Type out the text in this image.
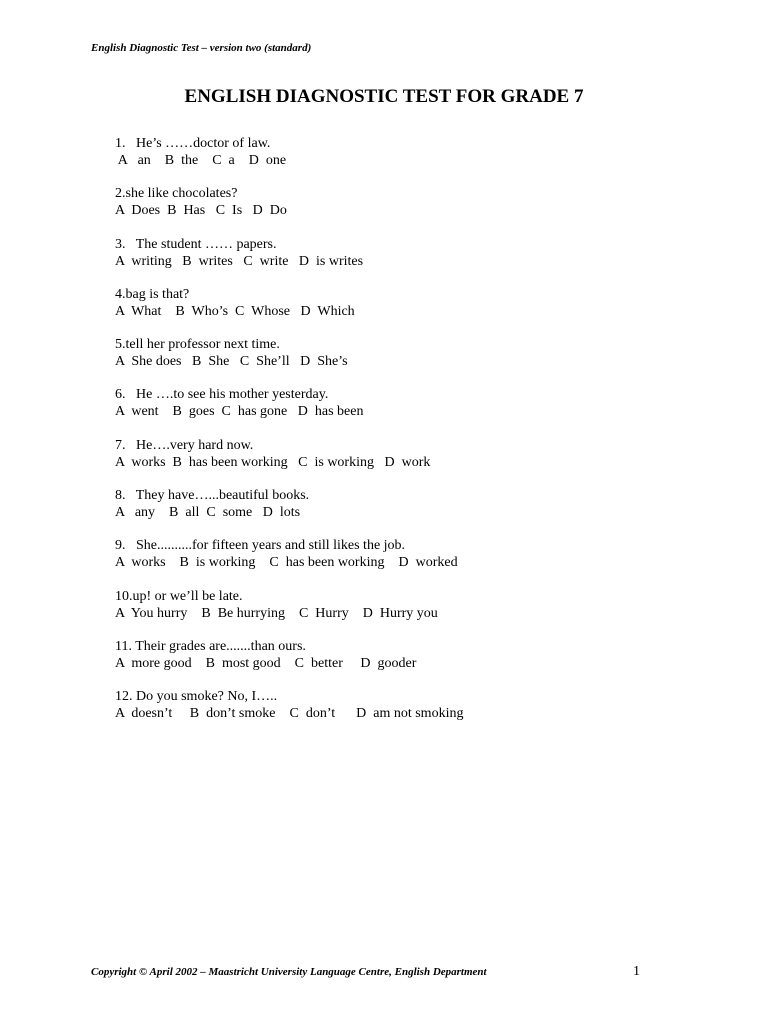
English Diagnostic Test – version two (standard)
ENGLISH DIAGNOSTIC TEST FOR GRADE 7
1.   He’s ……doctor of law.
A   an    B  the    C  a    D  one
2.she like chocolates?
A  Does  B  Has   C  Is   D  Do
3.   The student …… papers.
A  writing   B  writes   C  write   D  is writes
4.bag is that?
A  What    B  Who’s  C  Whose   D  Which
5.tell her professor next time.
A  She does   B  She   C  She’ll   D  She’s
6.   He ….to see his mother yesterday.
A  went    B  goes  C  has gone   D  has been
7.   He….very hard now.
A  works  B  has been working   C  is working   D  work
8.   They have…...beautiful books.
A   any    B  all  C  some   D  lots
9.   She..........for fifteen years and still likes the job.
A  works    B  is working    C  has been working    D  worked
10.up! or we’ll be late.
A  You hurry    B  Be hurrying    C  Hurry    D  Hurry you
11. Their grades are.......than ours.
A  more good    B  most good    C  better     D  gooder
12. Do you smoke? No, I…..
A  doesn’t     B  don’t smoke    C  don’t      D  am not smoking
Copyright © April 2002 – Maastricht University Language Centre, English Department	1
